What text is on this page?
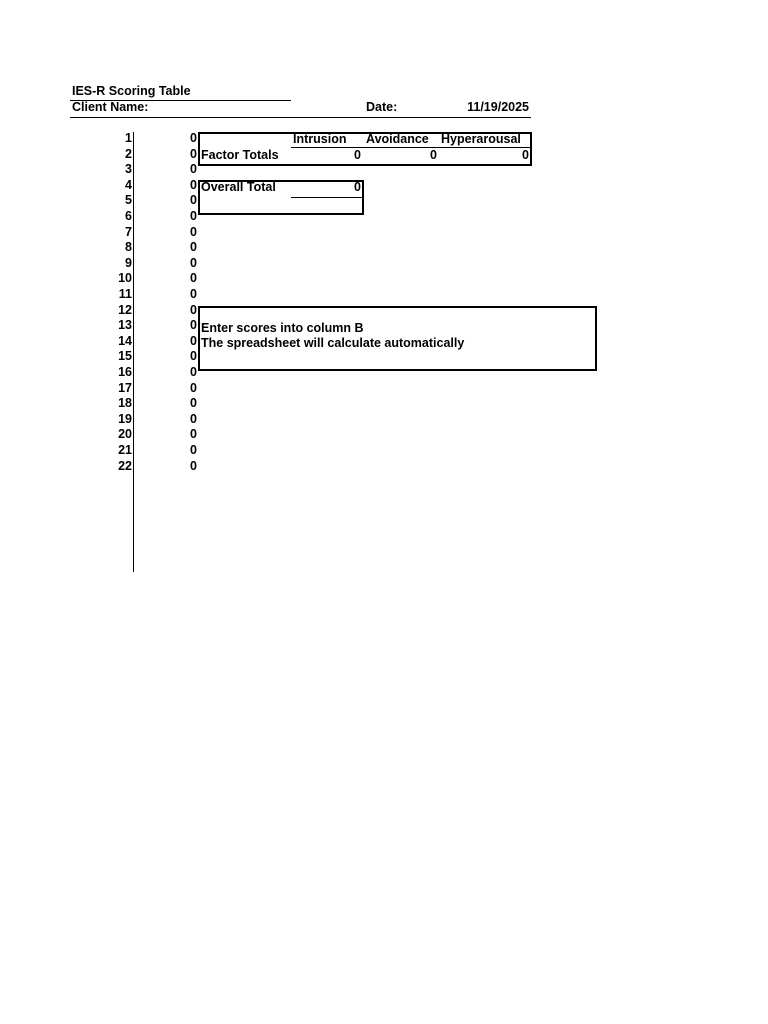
IES-R Scoring Table
Client Name:	Date:	11/19/2025
1	0
2	0
3	0
4	0
5	0
6	0
7	0
8	0
9	0
10	0
11	0
12	0
13	0
14	0
15	0
16	0
17	0
18	0
19	0
20	0
21	0
22	0
Intrusion Avoidance Hyperarousal
Factor Totals	0	0	0
Overall Total	0
Enter scores into column B
The spreadsheet will calculate automatically
